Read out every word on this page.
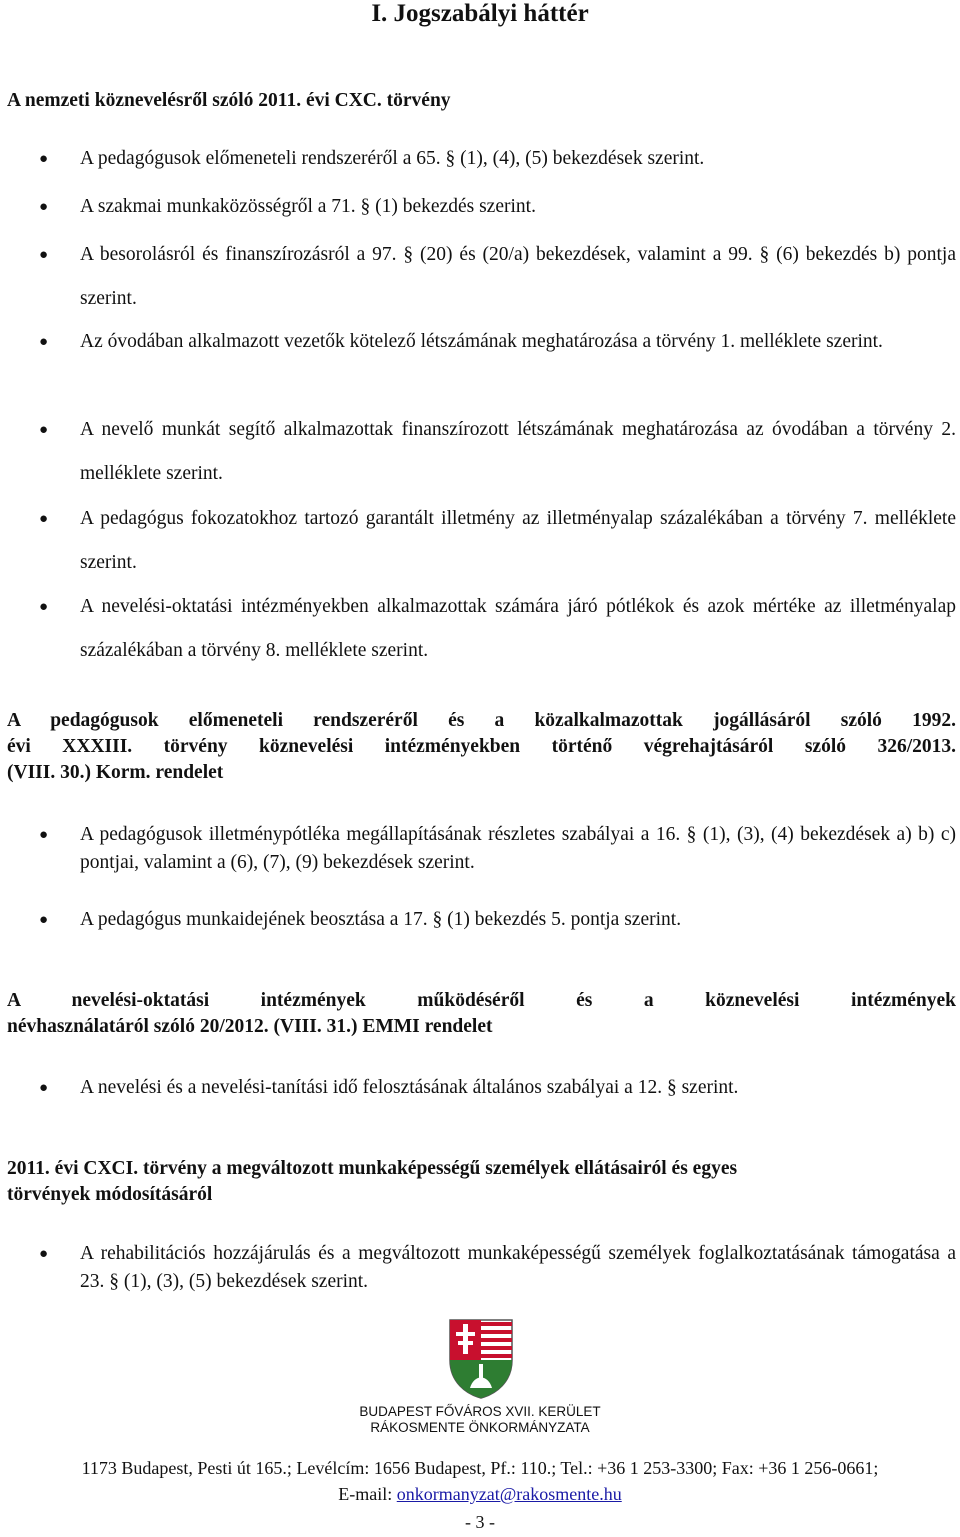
I. Jogszabályi háttér
A nemzeti köznevelésről szóló 2011. évi CXC. törvény
● A pedagógusok előmeneteli rendszeréről a 65. § (1), (4), (5) bekezdések szerint.
● A szakmai munkaközösségről a 71. § (1) bekezdés szerint.
● A besorolásról és finanszírozásról a 97. § (20) és (20/a) bekezdések, valamint a 99. § (6) bekezdés b) pontja szerint.
● Az óvodában alkalmazott vezetők kötelező létszámának meghatározása a törvény 1. melléklete szerint.
● A nevelő munkát segítő alkalmazottak finanszírozott létszámának meghatározása az óvodában a törvény 2. melléklete szerint.
● A pedagógus fokozatokhoz tartozó garantált illetmény az illetményalap százalékában a törvény 7. melléklete szerint.
● A nevelési-oktatási intézményekben alkalmazottak számára járó pótlékok és azok mértéke az illetményalap százalékában a törvény 8. melléklete szerint.
A pedagógusok előmeneteli rendszeréről és a közalkalmazottak jogállásáról szóló 1992.
évi XXXIII. törvény köznevelési intézményekben történő végrehajtásáról szóló 326/2013.
(VIII. 30.) Korm. rendelet
● A pedagógusok illetménypótléka megállapításának részletes szabályai a 16. § (1), (3), (4) bekezdések a) b) c) pontjai, valamint a (6), (7), (9) bekezdések szerint.
● A pedagógus munkaidejének beosztása a 17. § (1) bekezdés 5. pontja szerint.
A nevelési-oktatási intézmények működéséről és a köznevelési intézmények
névhasználatáról szóló 20/2012. (VIII. 31.) EMMI rendelet
● A nevelési és a nevelési-tanítási idő felosztásának általános szabályai a 12. § szerint.
2011. évi CXCI. törvény a megváltozott munkaképességű személyek ellátásairól és egyes
törvények módosításáról
● A rehabilitációs hozzájárulás és a megváltozott munkaképességű személyek foglalkoztatásának támogatása a 23. § (1), (3), (5) bekezdések szerint.
BUDAPEST FŐVÁROS XVII. KERÜLET
RÁKOSMENTE ÖNKORMÁNYZATA
1173 Budapest, Pesti út 165.; Levélcím: 1656 Budapest, Pf.: 110.; Tel.: +36 1 253-3300; Fax: +36 1 256-0661;
E-mail: onkormanyzat@rakosmente.hu
- 3 -
